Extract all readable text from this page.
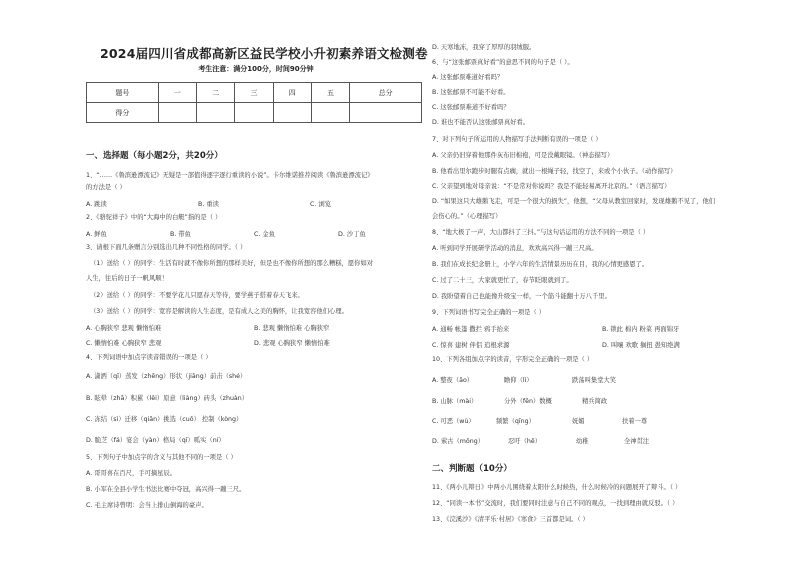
2024届四川省成都高新区益民学校小升初素养语文检测卷
考生注意：满分100分，时间90分钟
题号	一	二	三	四	五	总分
得分						
一、选择题（每小题2分，共20分）
1、“……《鲁滨逊漂流记》无疑是一部值得逐字逐行重读的小说”。卡尔维诺推荐阅读《鲁滨逊漂流记》
的方法是（ ）
A. 跳读	B. 重读	C. 浏览
2、《骆驼祥子》中的“大海中的白艇”指的是（ ）
A. 鲜鱼	B. 带鱼	C. 金鱼	D. 沙丁鱼
3、请根下面几条赠言分别选出几种不同性格的同学。（ ）
（1）送给（ ）的同学：生活有时就不像你所想的那样美好，但是也不像你所想的那么糟糕，愿你如对
人生，往后的日子一帆风顺！
（2）送给（ ）的同学：不要学花儿只愿春天等待，要学燕子搭着春天飞来。
（3）送给（ ）的同学：宽容是解读的人生态度，是有成人之美的胸怀，让我宽容他们心理。
A. 心胸狭窄 悲观 懒惰怕难	B. 悲观 懒惰怕难 心胸狭窄
C. 懒惰怕难 心胸狭窄 悲观	D. 悲观 心胸狭窄 懒惰怕难
4、下列词语中加点字读音错误的一项是（ ）
A. 潇洒（qī）蒸发（zhēng）形状（jiāng）前击（shé）
B. 眩晕（zhā）积累（lěi）原意（liàng）砖头（zhuàn）
C. 冻结（sì）迁移（qiān）挑选（cuō） 控制（kòng）
D. 脆芝（fá）宴会（yàn）格局（qī）呱实（ní）
5、下列句子中加点字的含义与其他不同的一项是（ ）
A. 哥哥喜在百尺，手可摘星辰。
B. 小军在全县小学生书法比赛中夺冠，高兴得一蹦三尺。
C. 毛主席诗曾明：会当上排山倒海的豪声。
D. 天寒地冻，我穿了厚厚的羽绒服。
6、与“这张邮票真好看”的意思不同的句子是（ ）。
A. 这张邮票难道好看吗？
B. 这张邮票不可能不好看。
C. 这张邮票难道不好看吗？
D. 谁也不能否认这张邮票真好看。
7、对下列句子所运用的人物描写手法判断有误的一项是（ ）
A. 父亲仍旧穿着他那件灰布旧棉袍，可是没戴眼镜。（神态描写）
B. 他看出里尔跑步时腿有点瘸，就出一根绳子轻，找空了，来或个小伙子。（动作描写）
C. 父亲望到地对母亲说：“不是常对你说吗？我是不能轻易离开北京的。”（语言描写）
D. “如果这只大雄鹅飞走，可是一个很大的损失”，他想，“父母从教室回家时，发现雄鹅不见了，他们
会伤心的。”（心理描写）
8、“地大极了一声，大山都抖了三抖。”与这句话运用的方法不同的一项是（ ）
A. 听到同学开展研学活动的消息，欢欢高兴得一蹦三尺高。
B. 我们在成长纪念册上，小学六年的生活情景历历在目，我的心情更感恩了。
C. 过了二十三，大家就更忙了，春节眨眼就到了。
D. 我盼望着自己也能像升级宝一样，一个筋斗能翻十万八千里。
9、下列词语书写完全正确的一项是（ ）
A. 通畅 帐篷 撒拦 鸦手抬来	B. 锁此 棉内 粉菜 再面锦牙
C. 惊喜 建树 伴侣 追根求源	D. 叫嚷 欢歌 搁扭 愚知绝满
10、下列各组加点字的读音，字形完全正确的一项是（ ）
A. 整夜（āo）	瞻仰（lì）	跌荡叫集堂大笑
B. 山脉（mài）	分外（fēn）数概	精兵简政
C. 可恶（wù）	频繁（qīng）	妩媚	扶着一尊
D. 萦古（mōng）	忍吁（hē）	幼稚	全神贯注
二、判断题（10分）
11、《两小儿辩日》中两小儿围绕着太阳什么时候热，什么时候冷的问题展开了辩斗。（ ）
12、“同读一本书”交流时，我们要同时注意与自己不同的观点，一找到理由就反驳。（ ）
13、《浣溪沙》《清平乐·村居》《寒食》三首都是词。（ ）
